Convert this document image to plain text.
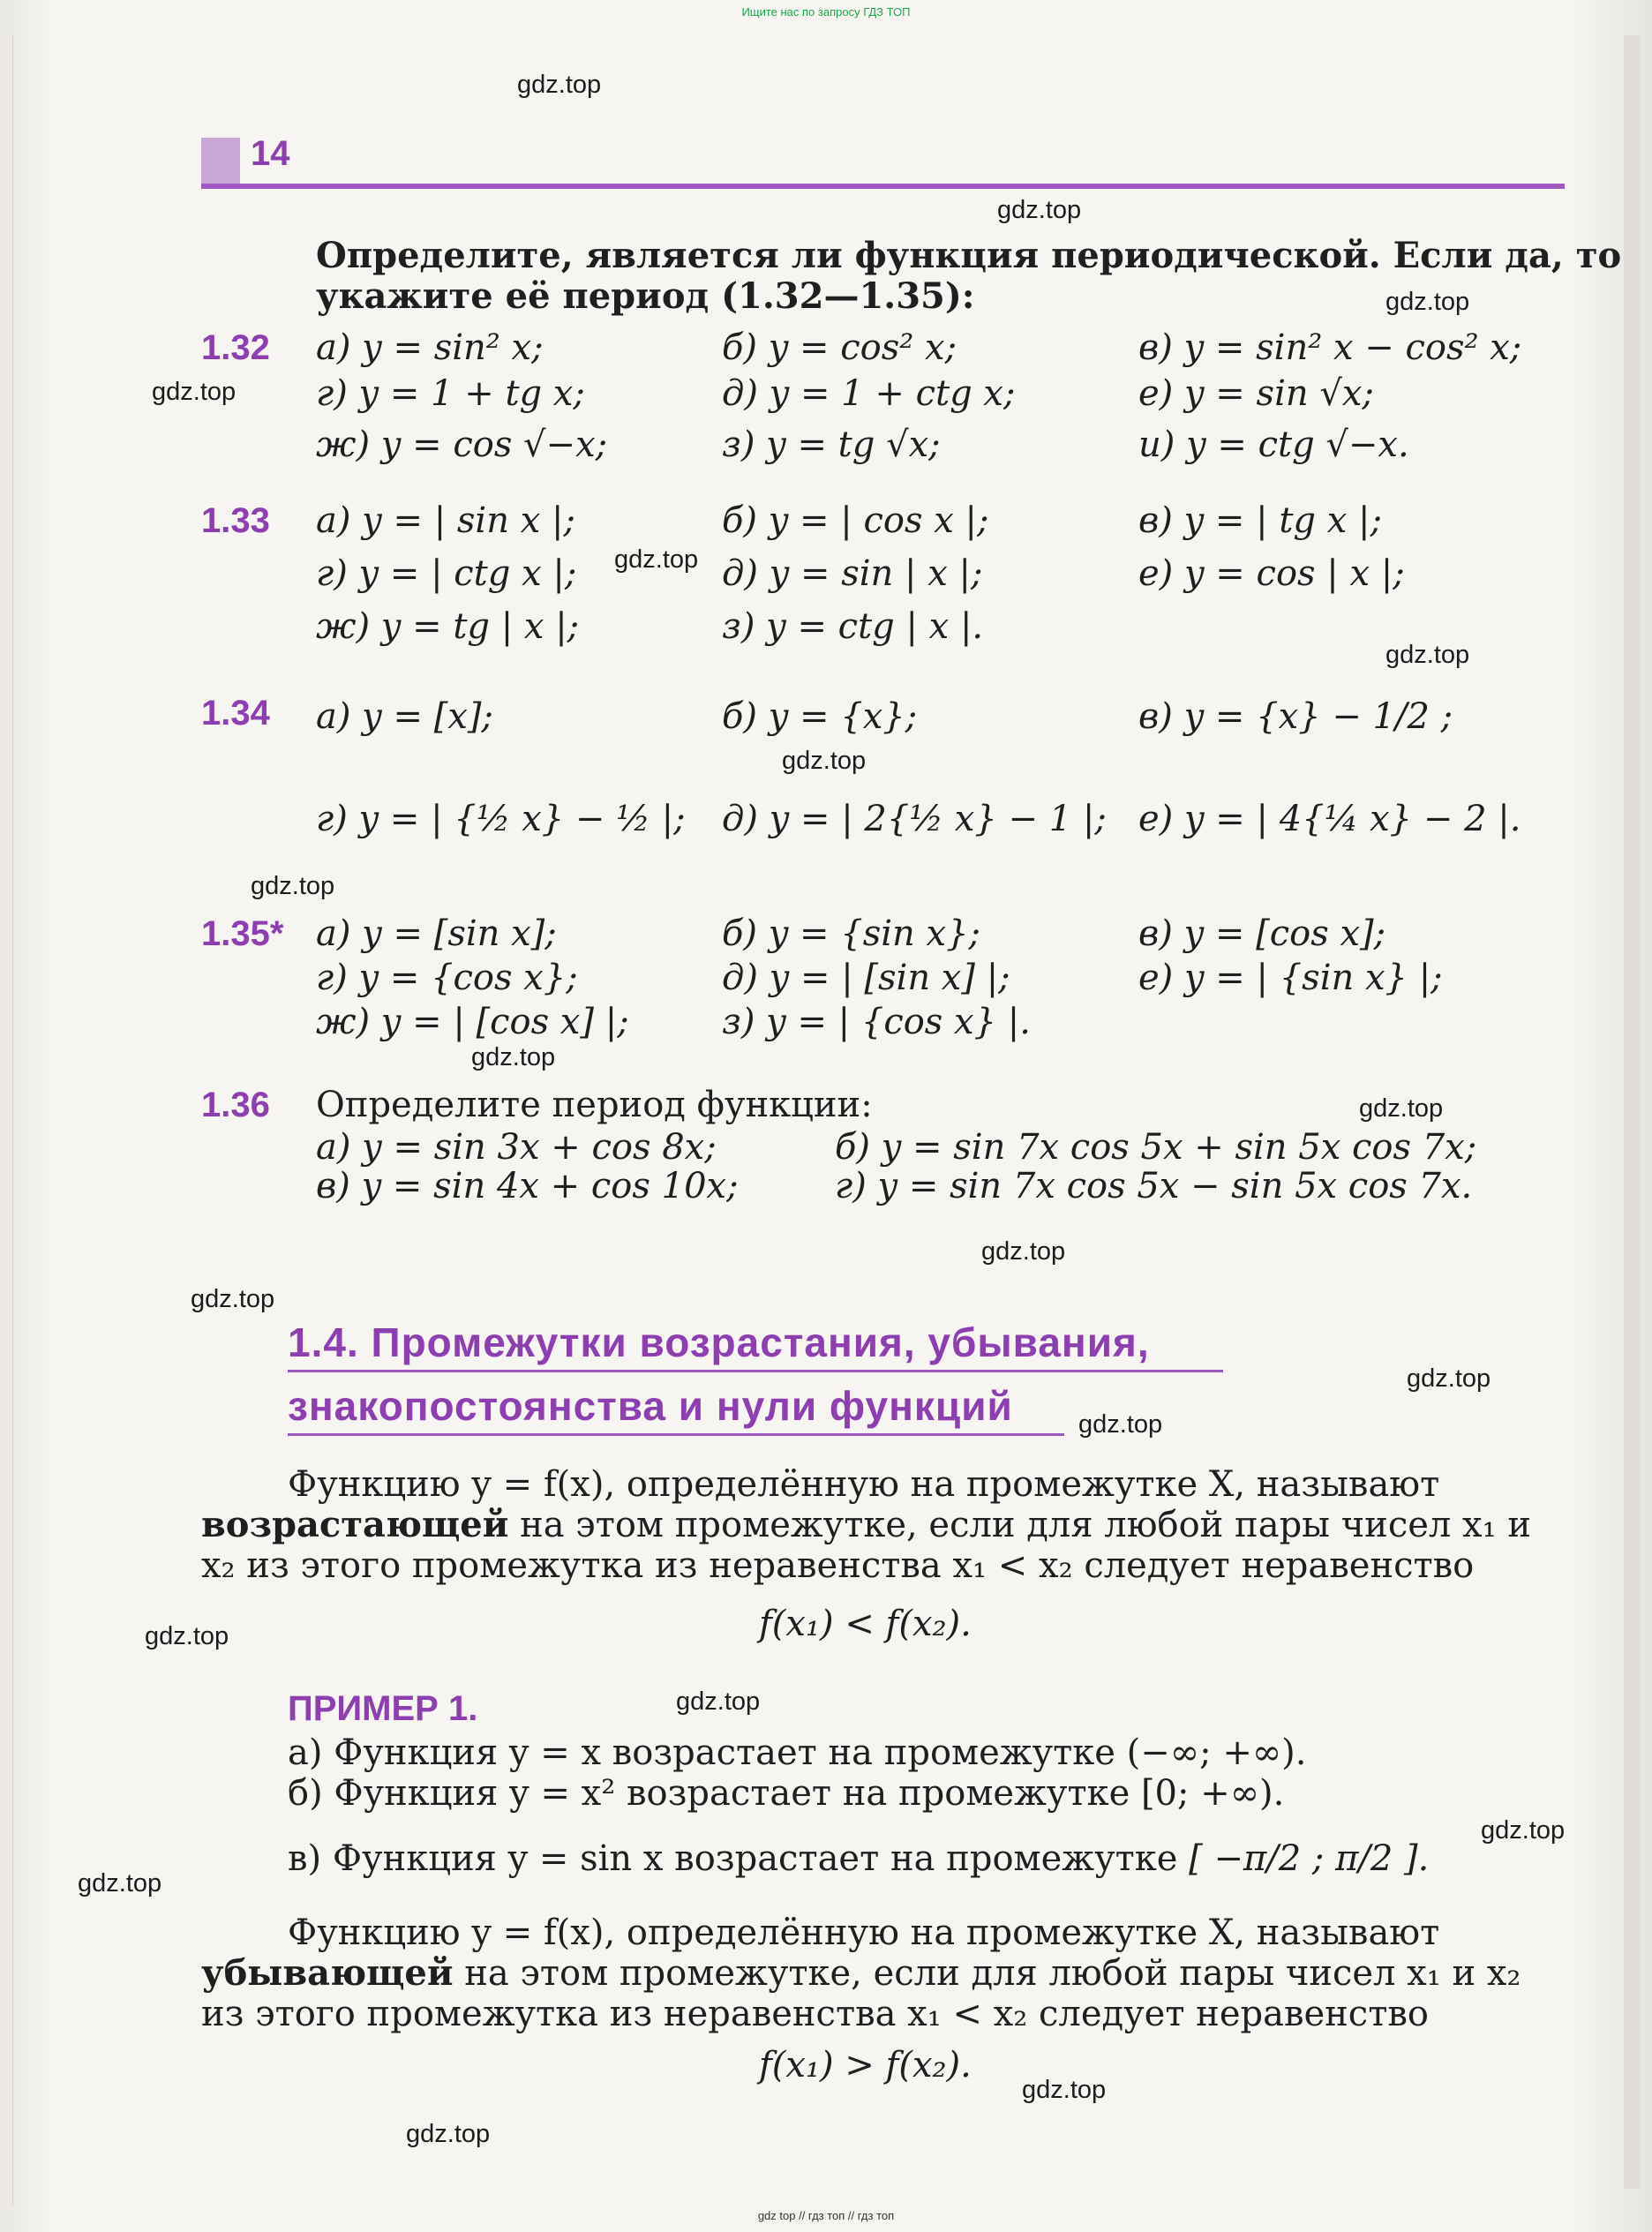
Ищите нас по запросу ГДЗ ТОП
14
Определите, является ли функция периодической. Если да, то
укажите её период (1.32—1.35):
1.32 а) y = sin² x;	б) y = cos² x;	в) y = sin² x − cos² x;
г) y = 1 + tg x;	д) y = 1 + ctg x;	е) y = sin √x;
ж) y = cos √−x;	з) y = tg √x;	и) y = ctg √−x.
1.33 а) y = | sin x |;	б) y = | cos x |;	в) y = | tg x |;
г) y = | ctg x |;	д) y = sin | x |;	е) y = cos | x |;
ж) y = tg | x |;	з) y = ctg | x |.
1.34 а) y = [x];	б) y = {x};	в) y = {x} − 1/2 ;
г) y = | {½ x} − ½ |; д) y = | 2{½ x} − 1 |; е) y = | 4{¼ x} − 2 |.
1.35* а) y = [sin x];	б) y = {sin x};	в) y = [cos x];
г) y = {cos x};	д) y = | [sin x] |;	е) y = | {sin x} |;
ж) y = | [cos x] |;	з) y = | {cos x} |.
1.36 Определите период функции:
а) y = sin 3x + cos 8x;	б) y = sin 7x cos 5x + sin 5x cos 7x;
в) y = sin 4x + cos 10x;	г) y = sin 7x cos 5x − sin 5x cos 7x.
1.4. Промежутки возрастания, убывания,
знакопостоянства и нули функций
Функцию y = f(x), определённую на промежутке X, называют
возрастающей на этом промежутке, если для любой пары чисел x₁ и
x₂ из этого промежутка из неравенства x₁ < x₂ следует неравенство
f(x₁) < f(x₂).
ПРИМЕР 1.
а) Функция y = x возрастает на промежутке (−∞; +∞).
б) Функция y = x² возрастает на промежутке [0; +∞).
в) Функция y = sin x возрастает на промежутке [ −π/2 ; π/2 ].
Функцию y = f(x), определённую на промежутке X, называют
убывающей на этом промежутке, если для любой пары чисел x₁ и x₂
из этого промежутка из неравенства x₁ < x₂ следует неравенство
f(x₁) > f(x₂).
gdz.top
gdz.top
gdz.top
gdz.top
gdz.top
gdz.top
gdz.top
gdz.top
gdz.top
gdz.top
gdz.top
gdz.top
gdz.top
gdz.top
gdz.top
gdz.top
gdz.top
gdz.top
gdz.top
gdz.top
gdz top // гдз топ // гдз топ
